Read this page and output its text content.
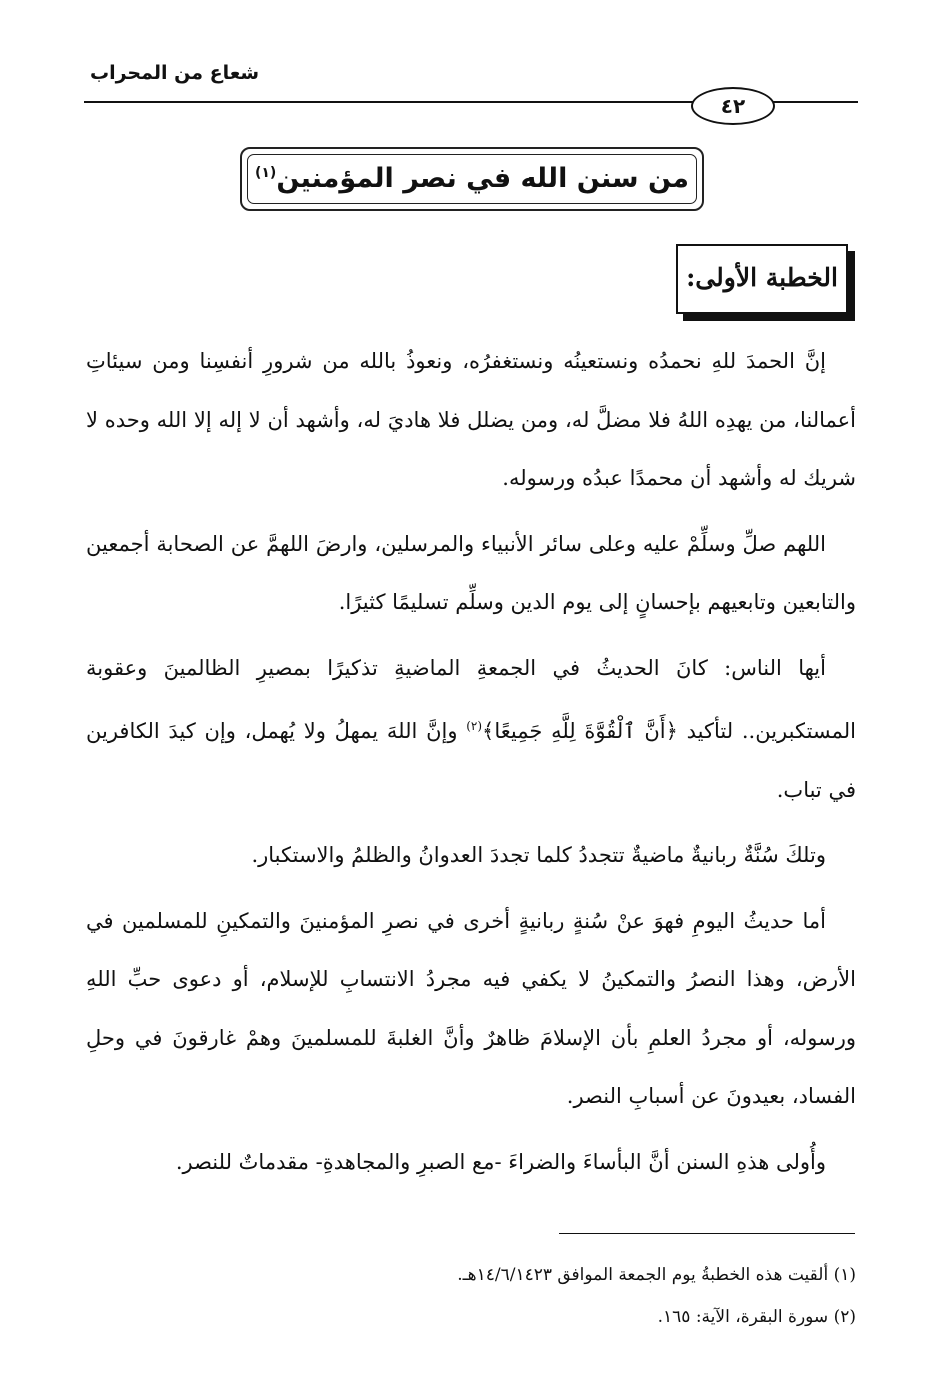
شعاع من المحراب
٤٢
من سنن الله في نصر المؤمنين$^{(١)}$
الخطبة الأولى:

إنَّ الحمدَ للهِ نحمدُه ونستعينُه ونستغفرُه، ونعوذُ بالله من شرورِ أنفسِنا ومن سيئاتِ أعمالنا، من يهدِه اللهُ فلا مضلَّ له، ومن يضلل فلا هاديَ له، وأشهد أن لا إله إلا الله وحده لا شريك له وأشهد أن محمدًا عبدُه ورسوله.

اللهم صلِّ وسلِّمْ عليه وعلى سائر الأنبياء والمرسلين، وارضَ اللهمَّ عن الصحابة أجمعين والتابعين وتابعيهم بإحسانٍ إلى يوم الدين وسلِّم تسليمًا كثيرًا.

أيها الناس: كانَ الحديثُ في الجمعةِ الماضيةِ تذكيرًا بمصيرِ الظالمينَ وعقوبة المستكبرين.. لتأكيد ﴿أَنَّ ٱلْقُوَّةَ لِلَّهِ جَمِيعًا﴾$^{(٢)}$ وإنَّ اللهَ يمهلُ ولا يُهمل، وإن كيدَ الكافرين في تباب.

وتلكَ سُنَّةٌ ربانيةٌ ماضيةٌ تتجددُ كلما تجددَ العدوانُ والظلمُ والاستكبار.

أما حديثُ اليومِ فهوَ عنْ سُنةٍ ربانيةٍ أخرى في نصرِ المؤمنينَ والتمكينِ للمسلمين في الأرض، وهذا النصرُ والتمكينُ لا يكفي فيه مجردُ الانتسابِ للإسلام، أو دعوى حبِّ اللهِ ورسوله، أو مجردُ العلمِ بأن الإسلامَ ظاهرٌ وأنَّ الغلبةَ للمسلمينَ وهمْ غارقونَ في وحلِ الفساد، بعيدونَ عن أسبابِ النصر.

وأُولى هذهِ السنن أنَّ البأساءَ والضراءَ -مع الصبرِ والمجاهدةِ- مقدماتٌ للنصر.

(١) ألقيت هذه الخطبةُ يوم الجمعة الموافق ١٤/٦/١٤٢٣هـ.
(٢) سورة البقرة، الآية: ١٦٥.
